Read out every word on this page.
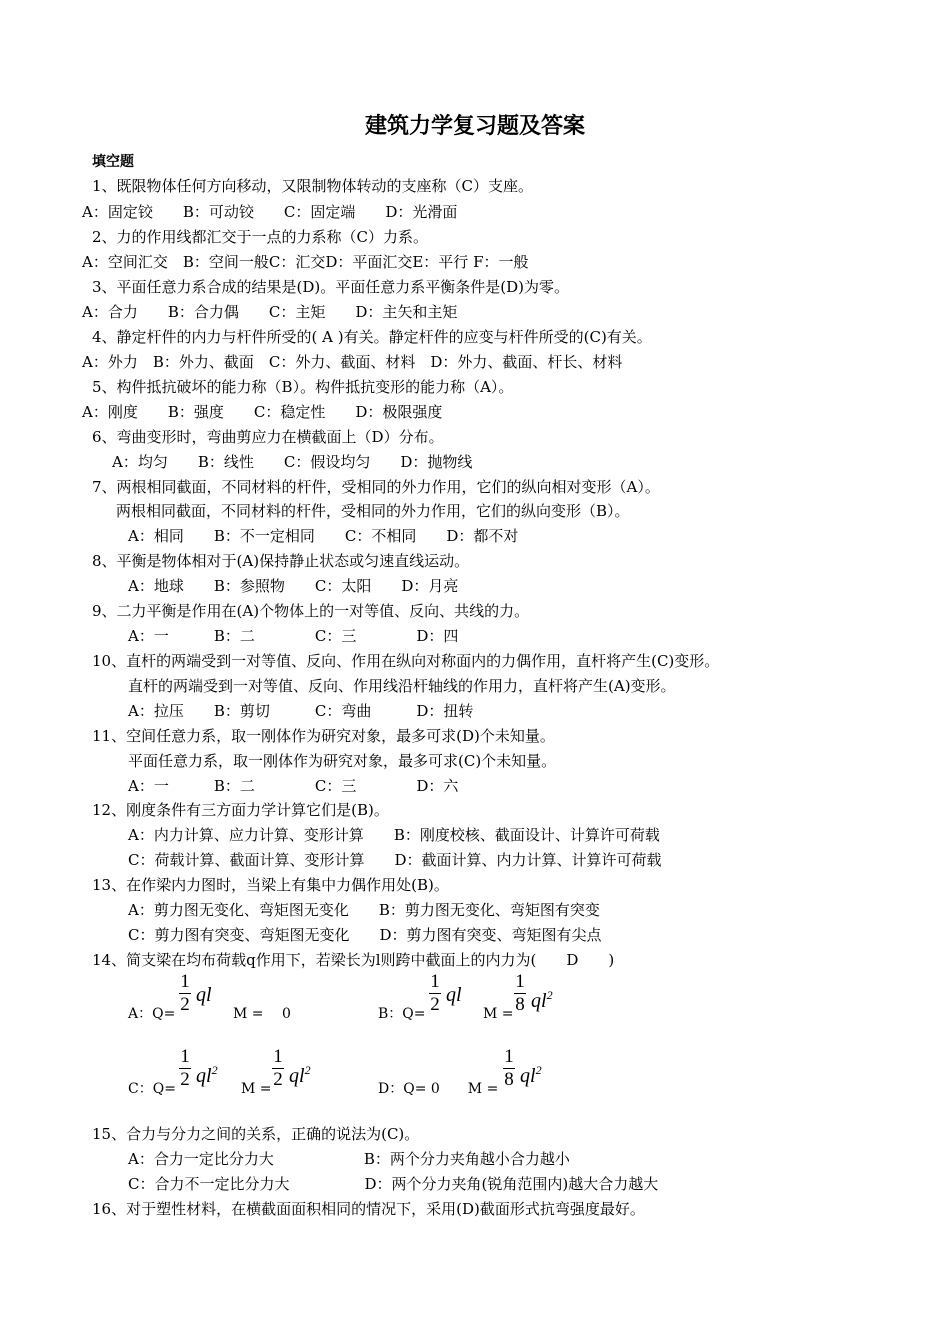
建筑力学复习题及答案
填空题
1、既限物体任何方向移动，又限制物体转动的支座称（C）支座。
A：固定铰　　B：可动铰　　C：固定端　　D：光滑面
2、力的作用线都汇交于一点的力系称（C）力系。
A：空间汇交　B：空间一般C：汇交D：平面汇交E：平行 F：一般
3、平面任意力系合成的结果是(D)。平面任意力系平衡条件是(D)为零。
A：合力　　B：合力偶　　C：主矩　　D：主矢和主矩
4、静定杆件的内力与杆件所受的( A )有关。静定杆件的应变与杆件所受的(C)有关。
A：外力　B：外力、截面　C：外力、截面、材料　D：外力、截面、杆长、材料
5、构件抵抗破坏的能力称（B）。构件抵抗变形的能力称（A）。
A：刚度　　B：强度　　C：稳定性　　D：极限强度
6、弯曲变形时，弯曲剪应力在横截面上（D）分布。
A：均匀　　B：线性　　C：假设均匀　　D：抛物线
7、两根相同截面，不同材料的杆件，受相同的外力作用，它们的纵向相对变形（A）。
两根相同截面，不同材料的杆件，受相同的外力作用，它们的纵向变形（B）。
A：相同　　B：不一定相同　　C：不相同　　D：都不对
8、平衡是物体相对于(A)保持静止状态或匀速直线运动。
A：地球　　B：参照物　　C：太阳　　D：月亮
9、二力平衡是作用在(A)个物体上的一对等值、反向、共线的力。
A：一　　　B：二　　　　C：三　　　　D：四
10、直杆的两端受到一对等值、反向、作用在纵向对称面内的力偶作用，直杆将产生(C)变形。
直杆的两端受到一对等值、反向、作用线沿杆轴线的作用力，直杆将产生(A)变形。
A：拉压　　B：剪切　　　C：弯曲　　　D：扭转
11、空间任意力系，取一刚体作为研究对象，最多可求(D)个未知量。
平面任意力系，取一刚体作为研究对象，最多可求(C)个未知量。
A：一　　　B：二　　　　C：三　　　　D：六
12、刚度条件有三方面力学计算它们是(B)。
A：内力计算、应力计算、变形计算　　B：刚度校核、截面设计、计算许可荷载
C：荷载计算、截面计算、变形计算　　D：截面计算、内力计算、计算许可荷载
13、在作梁内力图时，当梁上有集中力偶作用处(B)。
A：剪力图无变化、弯矩图无变化　　B：剪力图无变化、弯矩图有突变
C：剪力图有突变、弯矩图无变化　　D：剪力图有突变、弯矩图有尖点
14、简支梁在均布荷载q作用下，若梁长为l则跨中截面上的内力为(　　D　　)
A：Q=
1
2 ql
M =　 0	B：Q=
1
2 ql
M =
1
8 $ql^2$
C：Q=
1
2 $ql^2$
M =
1
2 $ql^2$
D：Q= 0　　M =
1
8 $ql^2$
15、合力与分力之间的关系，正确的说法为(C)。
A：合力一定比分力大　　　　　　B：两个分力夹角越小合力越小
C：合力不一定比分力大　　　　　D：两个分力夹角(锐角范围内)越大合力越大
16、对于塑性材料，在横截面面积相同的情况下，采用(D)截面形式抗弯强度最好。
